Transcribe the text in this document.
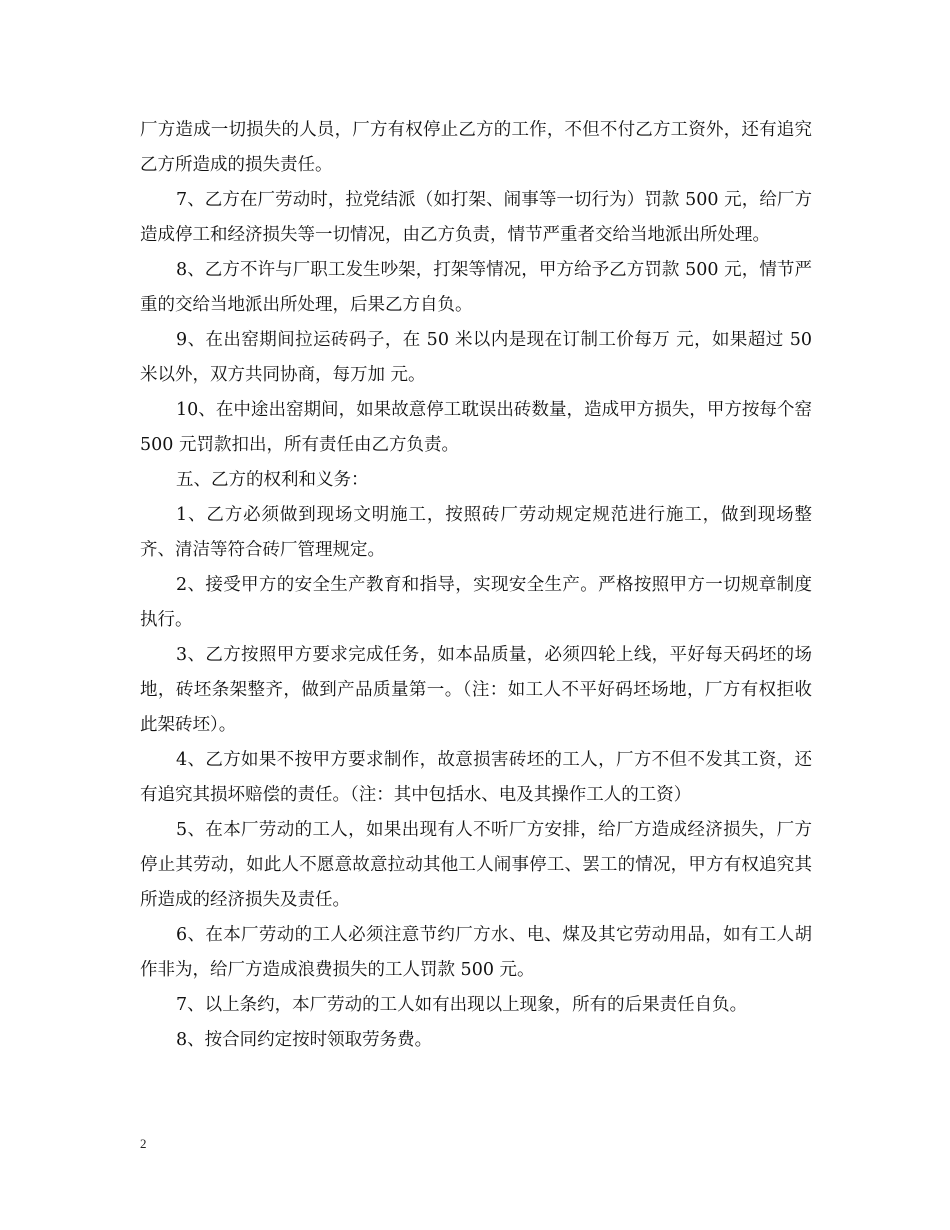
厂方造成一切损失的人员，厂方有权停止乙方的工作，不但不付乙方工资外，还有追究乙方所造成的损失责任。

7、乙方在厂劳动时，拉党结派（如打架、闹事等一切行为）罚款 500 元，给厂方造成停工和经济损失等一切情况，由乙方负责，情节严重者交给当地派出所处理。

8、乙方不许与厂职工发生吵架，打架等情况，甲方给予乙方罚款 500 元，情节严重的交给当地派出所处理，后果乙方自负。

9、在出窑期间拉运砖码子，在 50 米以内是现在订制工价每万 元，如果超过 50 米以外，双方共同协商，每万加 元。

10、在中途出窑期间，如果故意停工耽误出砖数量，造成甲方损失，甲方按每个窑 500 元罚款扣出，所有责任由乙方负责。

五、乙方的权利和义务：

1、乙方必须做到现场文明施工，按照砖厂劳动规定规范进行施工，做到现场整齐、清洁等符合砖厂管理规定。

2、接受甲方的安全生产教育和指导，实现安全生产。严格按照甲方一切规章制度执行。

3、乙方按照甲方要求完成任务，如本品质量，必须四轮上线，平好每天码坯的场地，砖坯条架整齐，做到产品质量第一。（注：如工人不平好码坯场地，厂方有权拒收此架砖坯）。

4、乙方如果不按甲方要求制作，故意损害砖坯的工人，厂方不但不发其工资，还有追究其损坏赔偿的责任。（注：其中包括水、电及其操作工人的工资）

5、在本厂劳动的工人，如果出现有人不听厂方安排，给厂方造成经济损失，厂方停止其劳动，如此人不愿意故意拉动其他工人闹事停工、罢工的情况，甲方有权追究其所造成的经济损失及责任。

6、在本厂劳动的工人必须注意节约厂方水、电、煤及其它劳动用品，如有工人胡作非为，给厂方造成浪费损失的工人罚款 500 元。

7、以上条约，本厂劳动的工人如有出现以上现象，所有的后果责任自负。

8、按合同约定按时领取劳务费。

2
